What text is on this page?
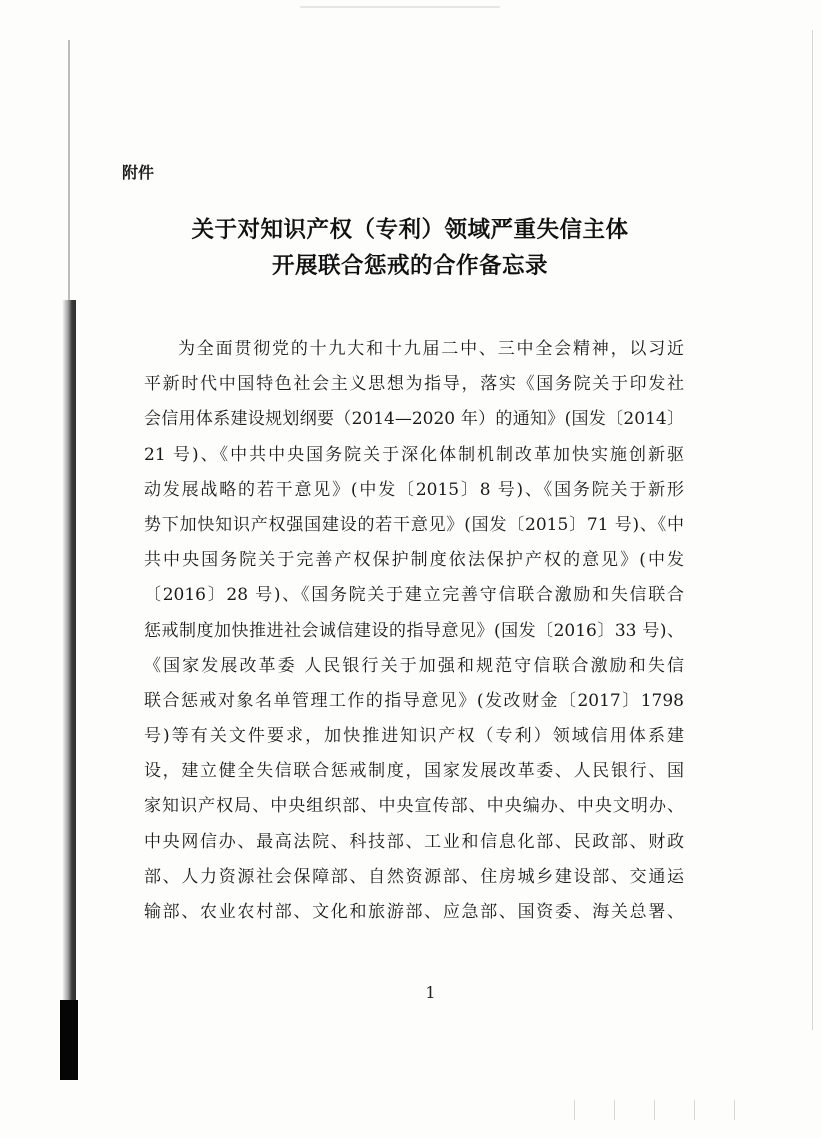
附件
关于对知识产权（专利）领域严重失信主体
开展联合惩戒的合作备忘录
为全面贯彻党的十九大和十九届二中、三中全会精神，以习近
平新时代中国特色社会主义思想为指导，落实《国务院关于印发社
会信用体系建设规划纲要（2014—2020 年）的通知》(国发〔2014〕
21 号)、《中共中央国务院关于深化体制机制改革加快实施创新驱
动发展战略的若干意见》(中发〔2015〕8 号)、《国务院关于新形
势下加快知识产权强国建设的若干意见》(国发〔2015〕71 号)、《中
共中央国务院关于完善产权保护制度依法保护产权的意见》(中发
〔2016〕28 号)、《国务院关于建立完善守信联合激励和失信联合
惩戒制度加快推进社会诚信建设的指导意见》(国发〔2016〕33 号)、
《国家发展改革委 人民银行关于加强和规范守信联合激励和失信
联合惩戒对象名单管理工作的指导意见》(发改财金〔2017〕1798
号)等有关文件要求，加快推进知识产权（专利）领域信用体系建
设，建立健全失信联合惩戒制度，国家发展改革委、人民银行、国
家知识产权局、中央组织部、中央宣传部、中央编办、中央文明办、
中央网信办、最高法院、科技部、工业和信息化部、民政部、财政
部、人力资源社会保障部、自然资源部、住房城乡建设部、交通运
输部、农业农村部、文化和旅游部、应急部、国资委、海关总署、
1
